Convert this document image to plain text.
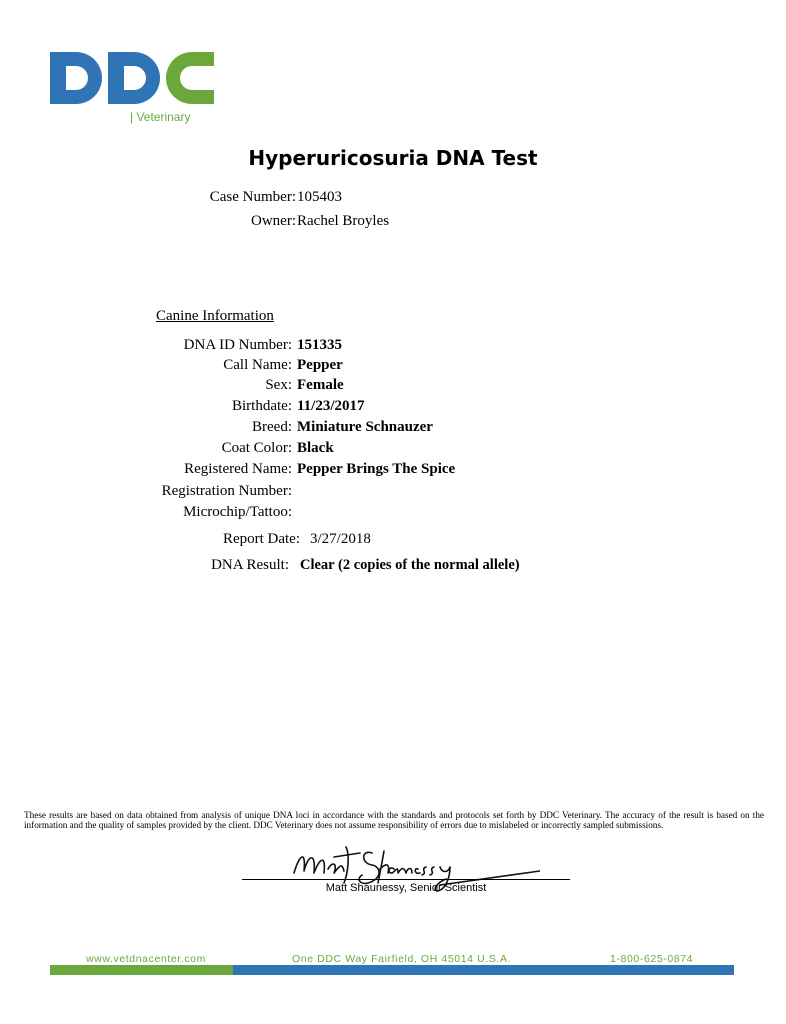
| Veterinary
Hyperuricosuria DNA Test
Case Number: 105403
Owner: Rachel Broyles
Canine Information
DNA ID Number: 151335
Call Name: Pepper
Sex: Female
Birthdate: 11/23/2017
Breed: Miniature Schnauzer
Coat Color: Black
Registered Name: Pepper Brings The Spice
Registration Number:
Microchip/Tattoo:
Report Date: 3/27/2018
DNA Result: Clear (2 copies of the normal allele)
These results are based on data obtained from analysis of unique DNA loci in accordance with the standards and protocols set forth by DDC Veterinary. The accuracy of the result is based on the information and the quality of samples provided by the client. DDC Veterinary does not assume responsibility of errors due to mislabeled or incorrectly sampled submissions.
Matt Shaunessy, Senior Scientist
www.vetdnacenter.com	One DDC Way Fairfield, OH 45014 U.S.A.	1-800-625-0874
